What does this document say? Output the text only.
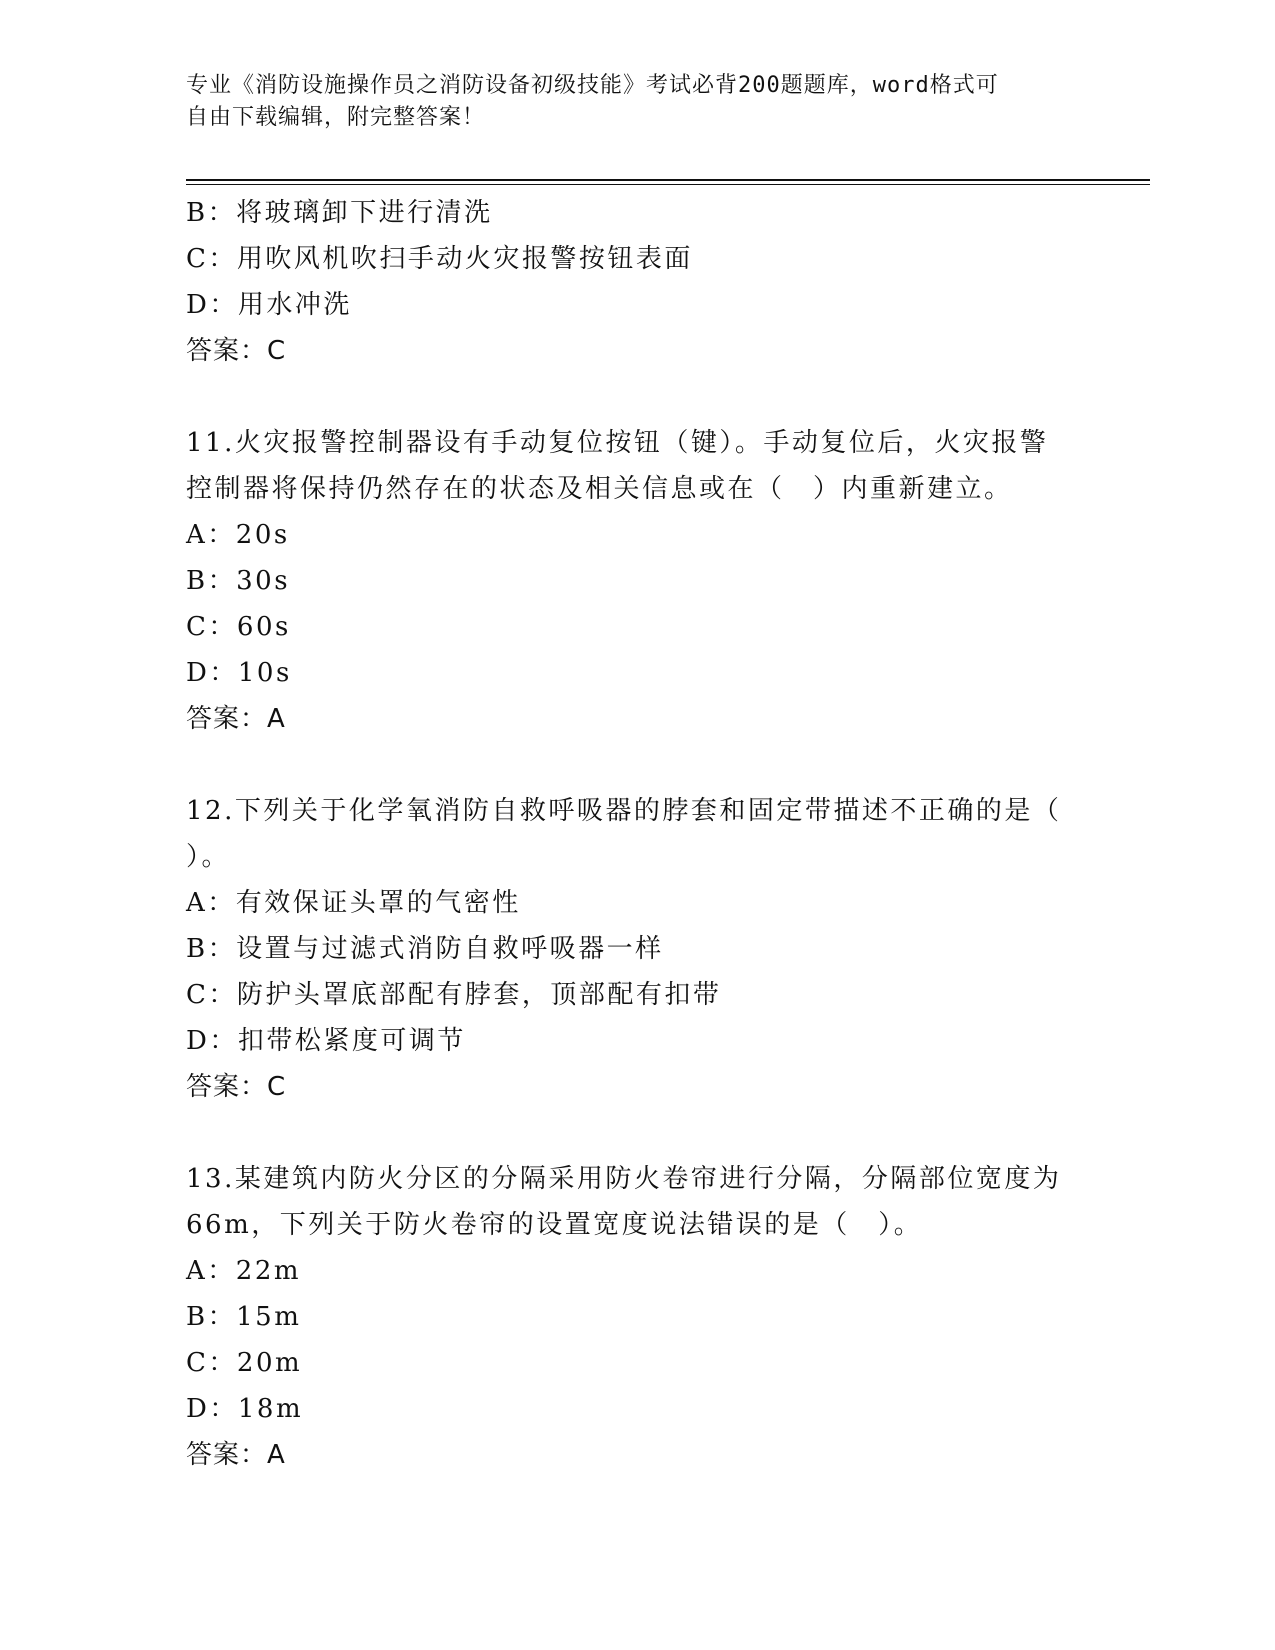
专业《消防设施操作员之消防设备初级技能》考试必背200题题库，word格式可

自由下载编辑，附完整答案！

B：将玻璃卸下进行清洗

C：用吹风机吹扫手动火灾报警按钮表面

D：用水冲洗

答案：C

11.火灾报警控制器设有手动复位按钮（键）。手动复位后，火灾报警

控制器将保持仍然存在的状态及相关信息或在（　）内重新建立。

A：20s

B：30s

C：60s

D：10s

答案：A

12.下列关于化学氧消防自救呼吸器的脖套和固定带描述不正确的是（

）。

A：有效保证头罩的气密性

B：设置与过滤式消防自救呼吸器一样

C：防护头罩底部配有脖套，顶部配有扣带

D：扣带松紧度可调节

答案：C

13.某建筑内防火分区的分隔采用防火卷帘进行分隔，分隔部位宽度为

66m，下列关于防火卷帘的设置宽度说法错误的是（　）。

A：22m

B：15m

C：20m

D：18m

答案：A
